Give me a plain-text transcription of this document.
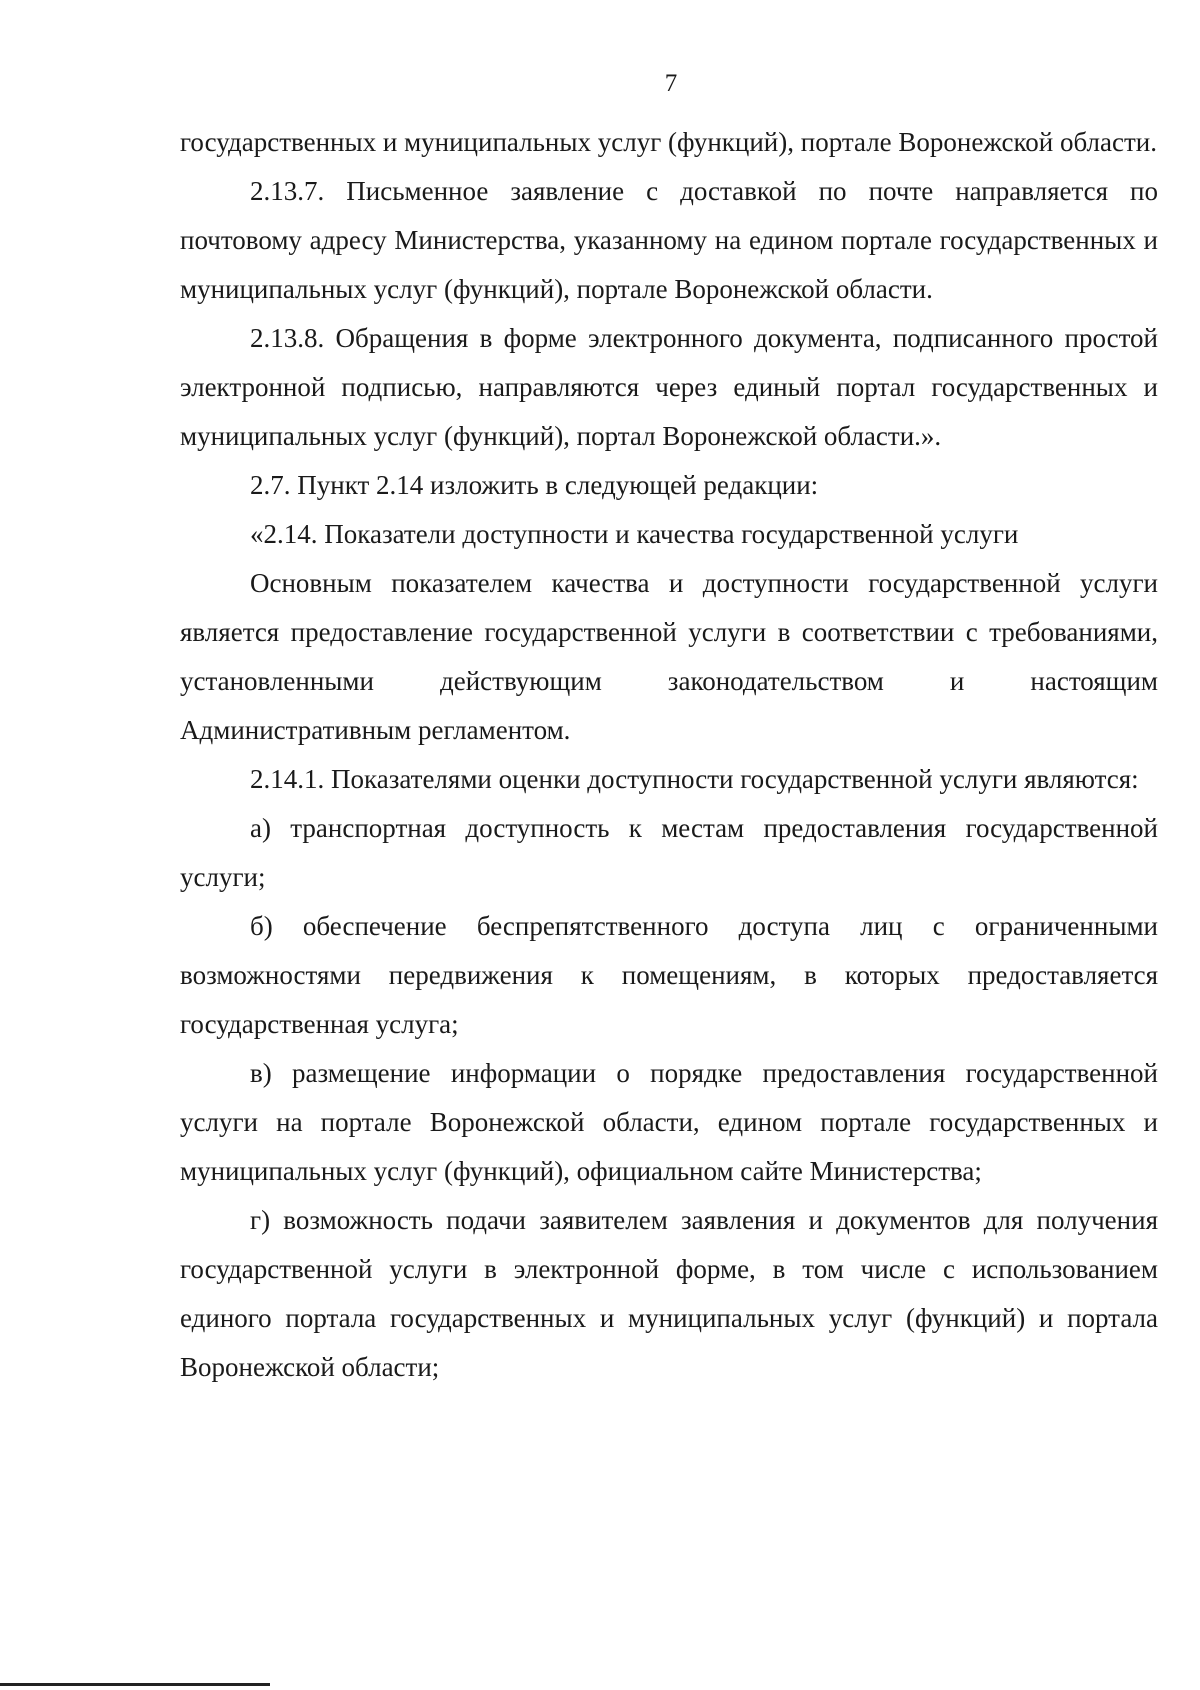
7

государственных и муниципальных услуг (функций), портале Воронежской области.

2.13.7. Письменное заявление с доставкой по почте направляется по почтовому адресу Министерства, указанному на едином портале государственных и муниципальных услуг (функций), портале Воронежской области.

2.13.8. Обращения в форме электронного документа, подписанного простой электронной подписью, направляются через единый портал государственных и муниципальных услуг (функций), портал Воронежской области.».

2.7. Пункт 2.14 изложить в следующей редакции:

«2.14. Показатели доступности и качества государственной услуги

Основным показателем качества и доступности государственной услуги является предоставление государственной услуги в соответствии с требованиями, установленными действующим законодательством и настоящим Административным регламентом.

2.14.1. Показателями оценки доступности государственной услуги являются:

а) транспортная доступность к местам предоставления государственной услуги;

б) обеспечение беспрепятственного доступа лиц с ограниченными возможностями передвижения к помещениям, в которых предоставляется государственная услуга;

в) размещение информации о порядке предоставления государственной услуги на портале Воронежской области, едином портале государственных и муниципальных услуг (функций), официальном сайте Министерства;

г) возможность подачи заявителем заявления и документов для получения государственной услуги в электронной форме, в том числе с использованием единого портала государственных и муниципальных услуг (функций) и портала Воронежской области;
